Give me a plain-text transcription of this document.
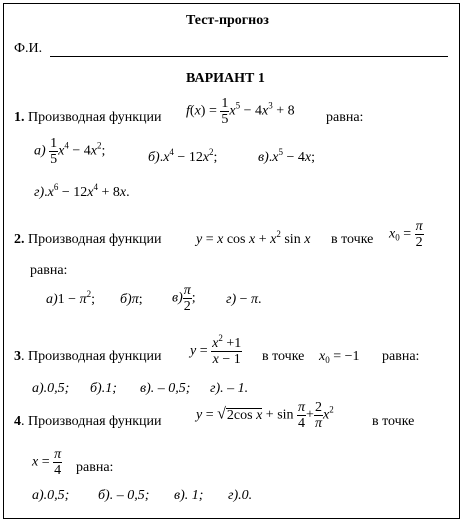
Тест-прогноз
Ф.И.
ВАРИАНТ 1
1. Производная функции $f(x) = \frac{1}{5} x^5 - 4x^3 + 8$ равна:
$а) \frac{1}{5} x^4 - 4x^2$;	$б).x^4 - 12x^2$;	$в).x^5 - 4x$;
$г).x^6 - 12x^4 + 8x$.
2. Производная функции y = x $\cos x + x^2$ sin x в точке $x_0 = \frac{\pi}{2}$
равна:
$а)1 - \pi^2$; б)π; $в) \frac{\pi}{2}$ ; г) − π.
3. Производная функции $y = \frac{x^2 +1}{x - 1}$ в точке $x_0 = -1$ равна:
а).0,5; б).1; в). – 0,5; г). – 1.
4. Производная функции y = √2cos $x + \sin \frac{\pi}{4} + \frac{2}{\pi} x^2$
в точке
$x = \frac{\pi}{4}$ равна:
а).0,5; б). – 0,5; в). 1; г).0.
